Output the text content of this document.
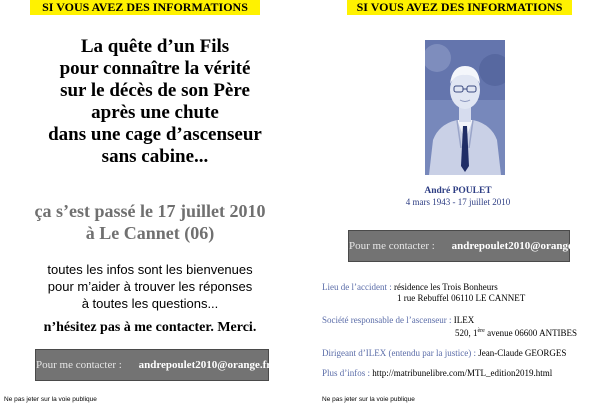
SI VOUS AVEZ DES INFORMATIONS
La quête d’un Fils
pour connaître la vérité
sur le décès de son Père
après une chute
dans une cage d’ascenseur
sans cabine...
ça s’est passé le 17 juillet 2010
à Le Cannet (06)
toutes les infos sont les bienvenues
pour m’aider à trouver les réponses
à toutes les questions...
n’hésitez pas à me contacter. Merci.
Pour me contacter : andrepoulet2010@orange.fr
Ne pas jeter sur la voie publique
SI VOUS AVEZ DES INFORMATIONS
André POULET
4 mars 1943 - 17 juillet 2010
Pour me contacter : andrepoulet2010@orange.fr
Lieu de l’accident : résidence les Trois Bonheurs
1 rue Rebuffel 06110 LE CANNET
Société responsable de l’ascenseur : ILEX
520, 1ère avenue 06600 ANTIBES
Dirigeant d’ILEX (entendu par la justice) : Jean-Claude GEORGES
Plus d’infos : http://matribunelibre.com/MTL_edition2019.html
Ne pas jeter sur la voie publique
